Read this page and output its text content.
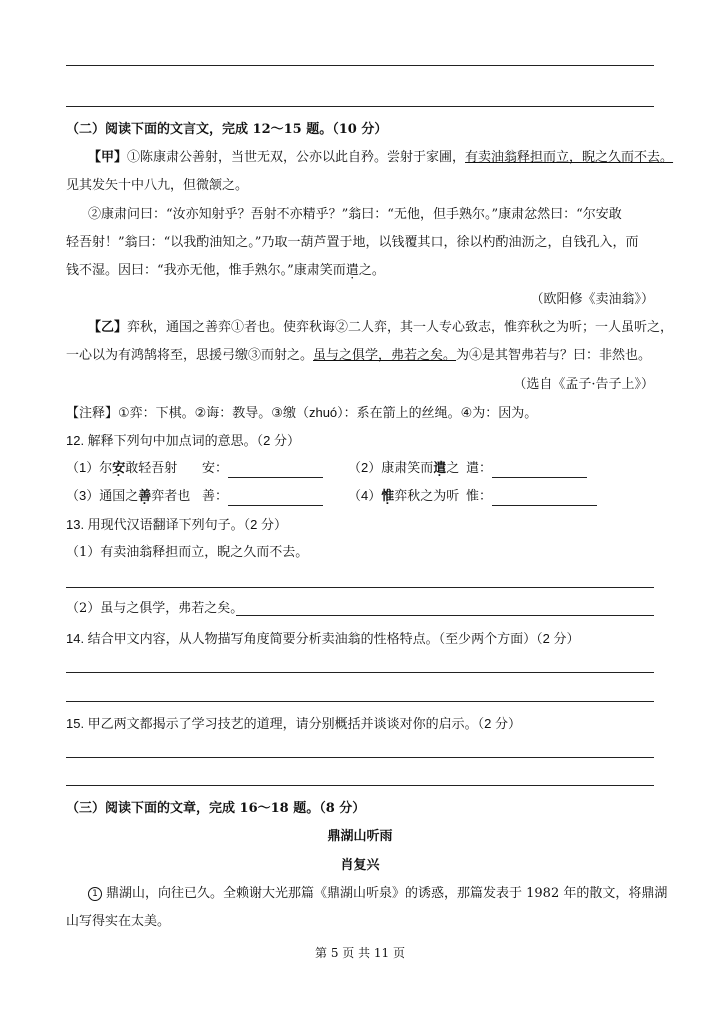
（二）阅读下面的文言文，完成 12～15 题。（10 分）
【甲】①陈康肃公善射，当世无双，公亦以此自矜。尝射于家圃，有卖油翁释担而立，睨之久而不去。
见其发矢十中八九，但微颔之。
②康肃问曰：“汝亦知射乎？吾射不亦精乎？”翁曰：“无他，但手熟尔。”康肃忿然曰：“尔安敢
轻吾射！”翁曰：“以我酌油知之。”乃取一葫芦置于地，以钱覆其口，徐以杓酌油沥之，自钱孔入，而
钱不湿。因曰：“我亦无他，惟手熟尔。”康肃笑而遣之。
（欧阳修《卖油翁》）
【乙】弈秋，通国之善弈①者也。使弈秋诲②二人弈，其一人专心致志，惟弈秋之为听；一人虽听之，
一心以为有鸿鹄将至，思援弓缴③而射之。虽与之俱学，弗若之矣。为④是其智弗若与？曰：非然也。
（选自《孟子·告子上》）
【注释】①弈：下棋。②诲：教导。③缴（zhuó）：系在箭上的丝绳。④为：因为。
12. 解释下列句中加点词的意思。（2 分）
（1）尔安敢轻吾射 安：	（2）康肃笑而遣之 遣：
（3）通国之善弈者也 善：	（4）惟弈秋之为听 惟：
13. 用现代汉语翻译下列句子。（2 分）
（1）有卖油翁释担而立，睨之久而不去。
（2）虽与之俱学，弗若之矣。
14. 结合甲文内容，从人物描写角度简要分析卖油翁的性格特点。（至少两个方面）（2 分）
15. 甲乙两文都揭示了学习技艺的道理，请分别概括并谈谈对你的启示。（2 分）
（三）阅读下面的文章，完成 16～18 题。（8 分）
鼎湖山听雨
肖复兴
1 鼎湖山，向往已久。全赖谢大光那篇《鼎湖山听泉》的诱惑，那篇发表于 1982 年的散文，将鼎湖
山写得实在太美。
第 5 页 共 11 页
